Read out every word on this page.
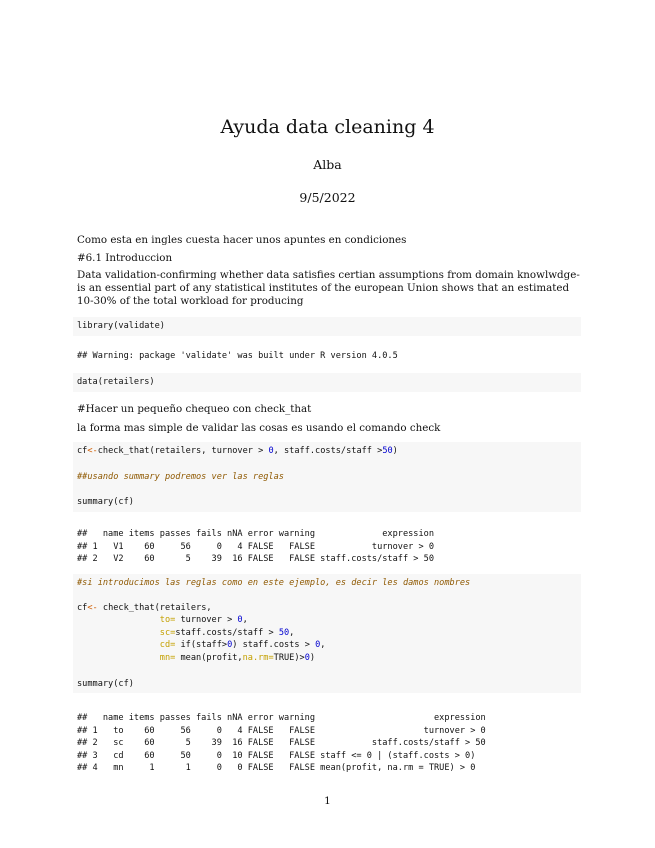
Ayuda data cleaning 4
Alba
9/5/2022

Como esta en ingles cuesta hacer unos apuntes en condiciones

#6.1 Introduccion

Data validation-confirming whether data satisfies certian assumptions from domain knowlwdge-is an essential part of any statistical institutes of the european Union shows that an estimated 10-30% of the total workload for producing

library(validate)
## Warning: package 'validate' was built under R version 4.0.5
data(retailers)

#Hacer un pequeño chequeo con check_that

la forma mas simple de validar las cosas es usando el comando check

cf<-check_that(retailers, turnover > 0, staff.costs/staff >50)
##usando summary podremos ver las reglas
summary(cf)
##   name items passes fails nNA error warning             expression
## 1   V1    60     56     0   4 FALSE   FALSE           turnover > 0
## 2   V2    60      5    39  16 FALSE   FALSE staff.costs/staff > 50
#si introducimos las reglas como en este ejemplo, es decir les damos nombres
cf<- check_that(retailers,
to= turnover > 0,
sc=staff.costs/staff > 50,
cd= if(staff>0) staff.costs > 0,
mn= mean(profit,na.rm=TRUE)>0)
summary(cf)
##   name items passes fails nNA error warning                       expression
## 1   to    60     56     0   4 FALSE   FALSE                     turnover > 0
## 2   sc    60      5    39  16 FALSE   FALSE           staff.costs/staff > 50
## 3   cd    60     50     0  10 FALSE   FALSE staff <= 0 | (staff.costs > 0)
## 4   mn     1      1     0   0 FALSE   FALSE mean(profit, na.rm = TRUE) > 0
1
